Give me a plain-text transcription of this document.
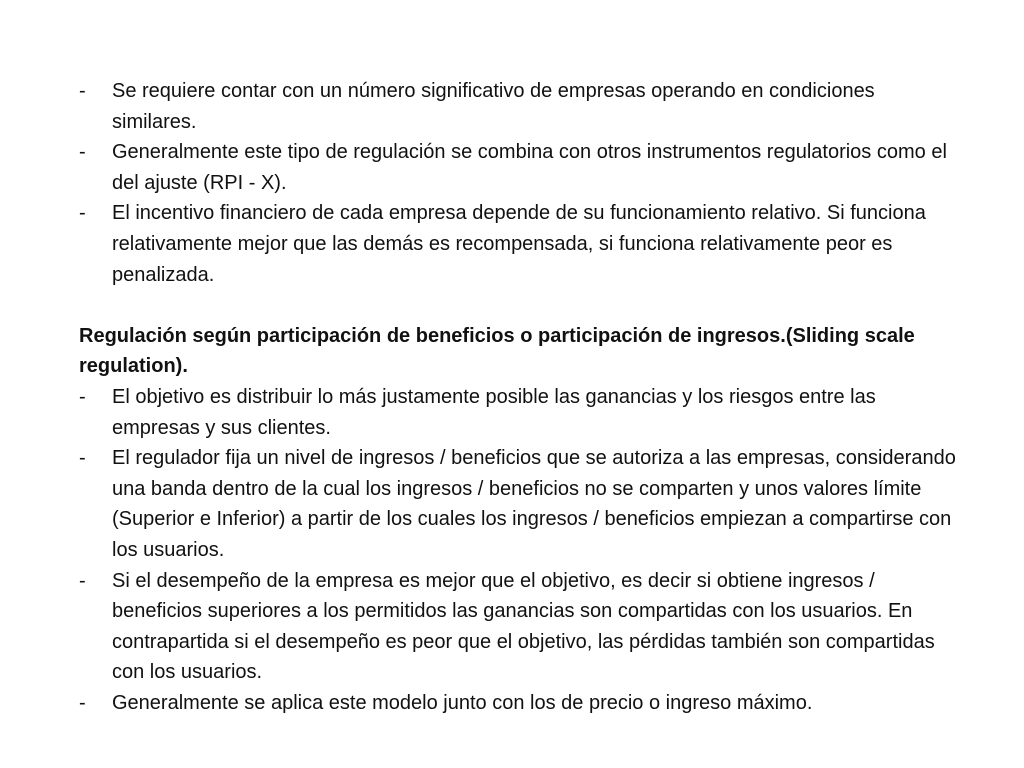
-	Se requiere contar con un número significativo de empresas operando en condiciones similares.
-	Generalmente este tipo de regulación se combina con otros instrumentos regulatorios como el del ajuste (RPI - X).
-	El incentivo financiero de cada empresa depende de su funcionamiento relativo. Si funciona relativamente mejor que las demás es recompensada, si funciona relativamente peor es penalizada.

Regulación según participación de beneficios o participación de ingresos.(Sliding scale regulation).

-	El objetivo es distribuir lo más justamente posible las ganancias y los riesgos entre las empresas y sus clientes.
-	El regulador fija un nivel de ingresos / beneficios que se autoriza a las empresas, considerando una banda dentro de la cual los ingresos / beneficios no se comparten y unos valores límite (Superior e Inferior) a partir de los cuales los ingresos / beneficios empiezan a compartirse con los usuarios.
-	Si el desempeño de la empresa es mejor que el objetivo, es decir si obtiene ingresos / beneficios superiores a los permitidos las ganancias son compartidas con los usuarios. En contrapartida si el desempeño es peor que el objetivo, las pérdidas también son compartidas con los usuarios.
-	Generalmente se aplica este modelo junto con los de precio o ingreso máximo.
